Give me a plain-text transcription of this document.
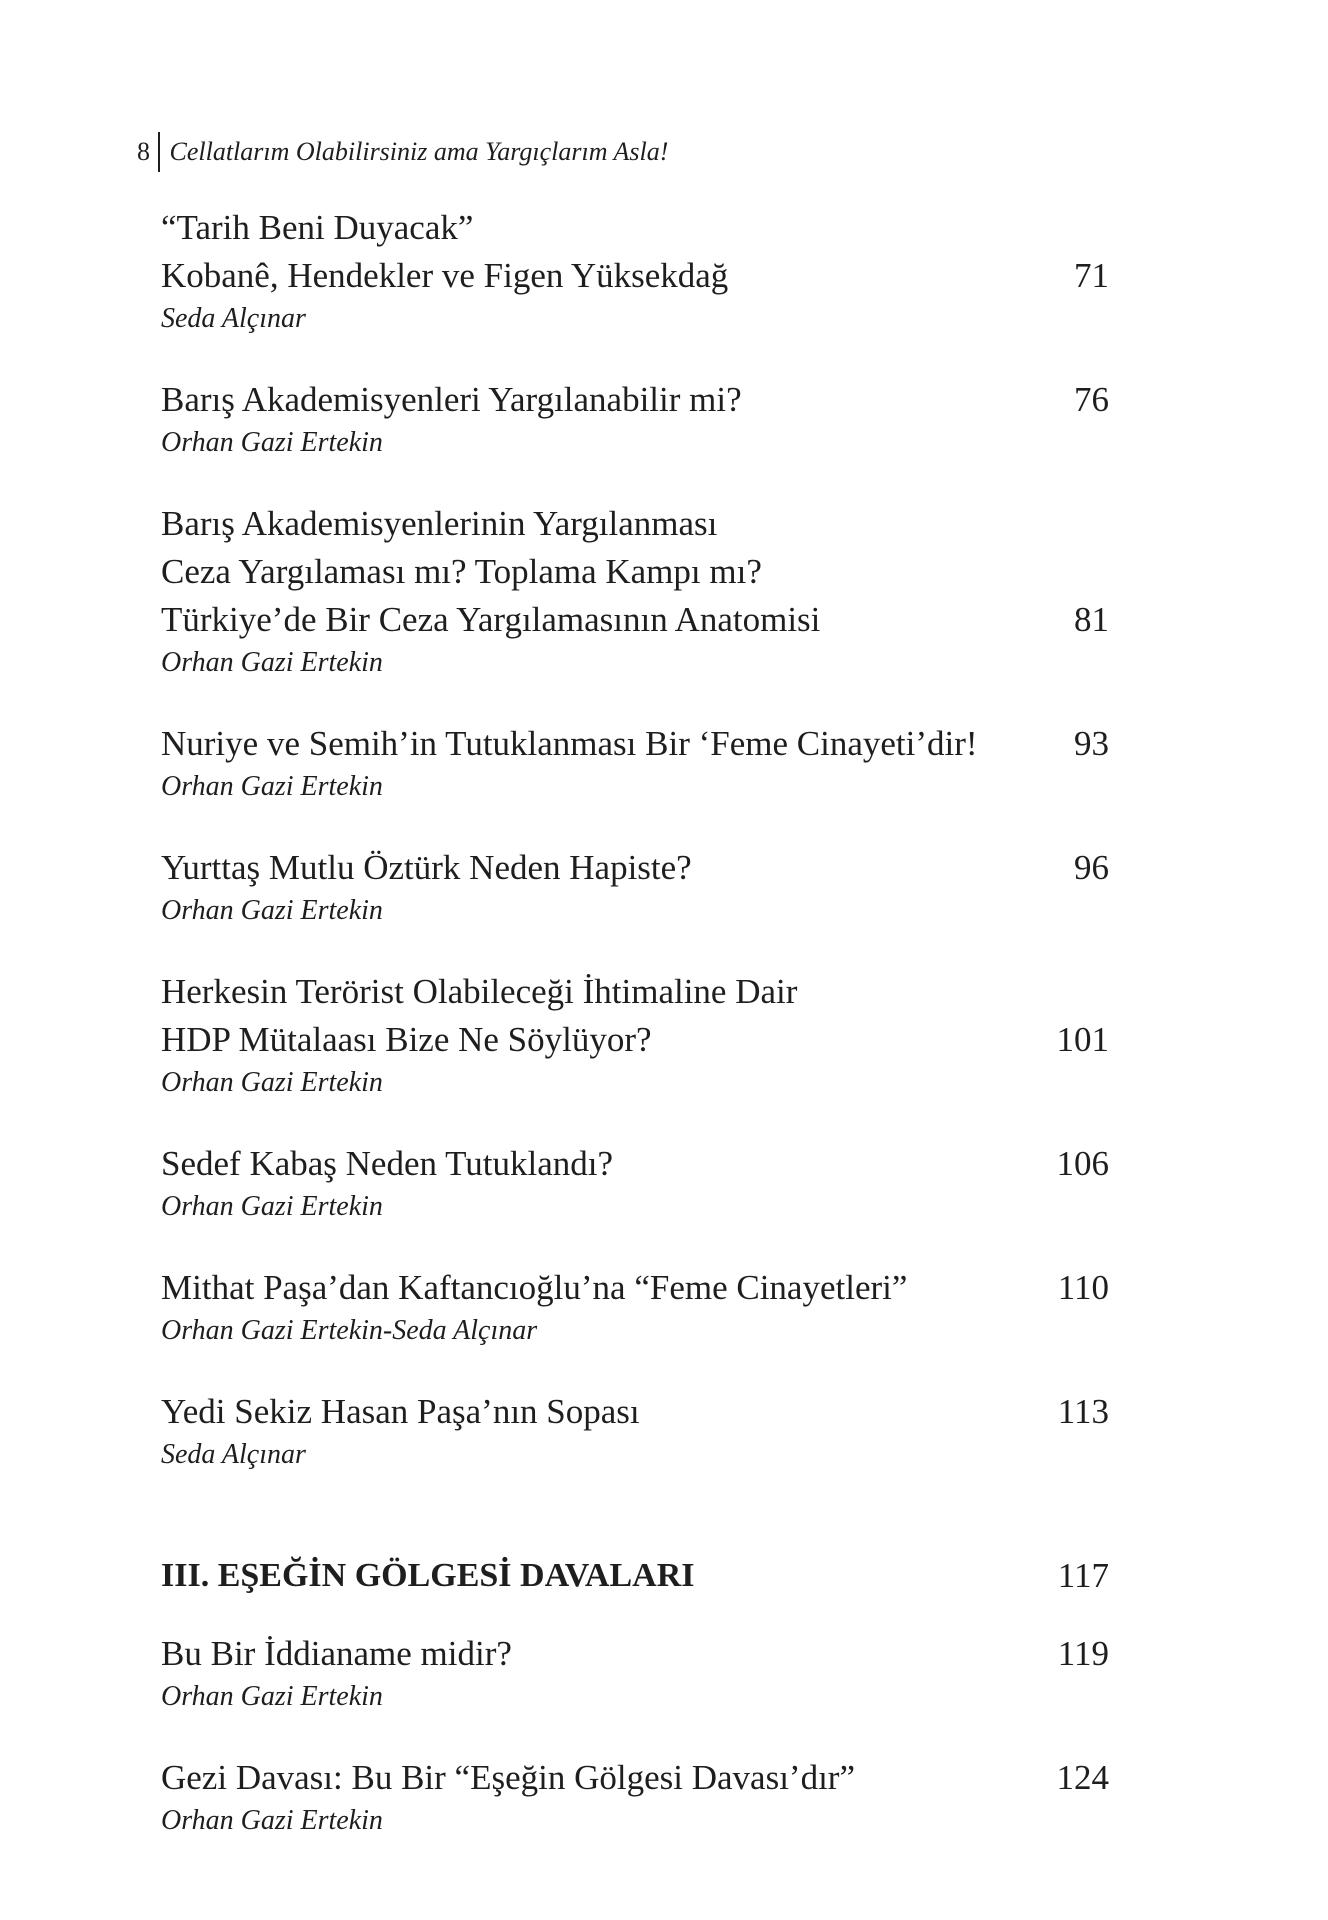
8 Cellatlarım Olabilirsiniz ama Yargıçlarım Asla!
“Tarih Beni Duyacak”
Kobanê, Hendekler ve Figen Yüksekdağ	71
Seda Alçınar
Barış Akademisyenleri Yargılanabilir mi?	76
Orhan Gazi Ertekin
Barış Akademisyenlerinin Yargılanması
Ceza Yargılaması mı? Toplama Kampı mı?
Türkiye’de Bir Ceza Yargılamasının Anatomisi	81
Orhan Gazi Ertekin
Nuriye ve Semih’in Tutuklanması Bir ‘Feme Cinayeti’dir!	93
Orhan Gazi Ertekin
Yurttaş Mutlu Öztürk Neden Hapiste?	96
Orhan Gazi Ertekin
Herkesin Terörist Olabileceği İhtimaline Dair
HDP Mütalaası Bize Ne Söylüyor?	101
Orhan Gazi Ertekin
Sedef Kabaş Neden Tutuklandı?	106
Orhan Gazi Ertekin
Mithat Paşa’dan Kaftancıoğlu’na “Feme Cinayetleri”	110
Orhan Gazi Ertekin-Seda Alçınar
Yedi Sekiz Hasan Paşa’nın Sopası	113
Seda Alçınar
III. EŞEĞİN GÖLGESİ DAVALARI	117
Bu Bir İddianame midir?	119
Orhan Gazi Ertekin
Gezi Davası: Bu Bir “Eşeğin Gölgesi Davası’dır”	124
Orhan Gazi Ertekin
